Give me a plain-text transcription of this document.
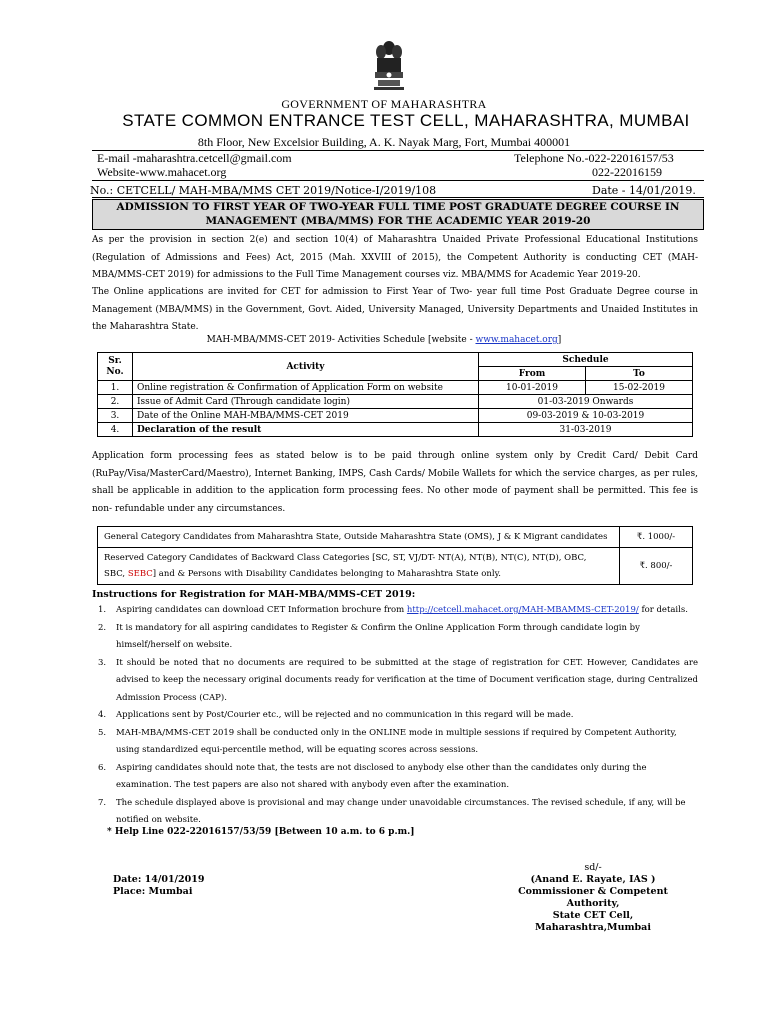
GOVERNMENT OF MAHARASHTRA
STATE COMMON ENTRANCE TEST CELL, MAHARASHTRA, MUMBAI
8th Floor, New Excelsior Building, A. K. Nayak Marg, Fort, Mumbai 400001
E-mail -maharashtra.cetcell@gmail.com
Website-www.mahacet.org
Telephone No.-022-22016157/53
022-22016159
No.: CETCELL/ MAH-MBA/MMS CET 2019/Notice-I/2019/108	Date - 14/01/2019.
ADMISSION TO FIRST YEAR OF TWO-YEAR FULL TIME POST GRADUATE DEGREE COURSE IN
MANAGEMENT (MBA/MMS) FOR THE ACADEMIC YEAR 2019-20
As per the provision in section 2(e) and section 10(4) of Maharashtra Unaided Private Professional Educational Institutions (Regulation of Admissions and Fees) Act, 2015 (Mah. XXVIII of 2015), the Competent Authority is conducting CET (MAH-MBA/MMS-CET 2019) for admissions to the Full Time Management courses viz. MBA/MMS for Academic Year 2019-20.
The Online applications are invited for CET for admission to First Year of Two- year full time Post Graduate Degree course in Management (MBA/MMS) in the Government, Govt. Aided, University Managed, University Departments and Unaided Institutes in the Maharashtra State.
MAH-MBA/MMS-CET 2019- Activities Schedule [website - www.mahacet.org]
Sr. No.	Activity	Schedule	
		From	To
1.	Online registration & Confirmation of Application Form on website	10-01-2019	15-02-2019
2.	Issue of Admit Card (Through candidate login)	01-03-2019 Onwards	
3.	Date of the Online MAH-MBA/MMS-CET 2019	09-03-2019 & 10-03-2019	
4.	Declaration of the result	31-03-2019	
Application form processing fees as stated below is to be paid through online system only by Credit Card/ Debit Card (RuPay/Visa/MasterCard/Maestro), Internet Banking, IMPS, Cash Cards/ Mobile Wallets for which the service charges, as per rules, shall be applicable in addition to the application form processing fees. No other mode of payment shall be permitted. This fee is non- refundable under any circumstances.
General Category Candidates from Maharashtra State, Outside Maharashtra State (OMS), J & K Migrant candidates	₹. 1000/-
Reserved Category Candidates of Backward Class Categories [SC, ST, VJ/DT- NT(A), NT(B), NT(C), NT(D), OBC,
SBC, SEBC] and & Persons with Disability Candidates belonging to Maharashtra State only.	₹. 800/-
Instructions for Registration for MAH-MBA/MMS-CET 2019:

1. Aspiring candidates can download CET Information brochure from http://cetcell.mahacet.org/MAH-MBAMMS-CET-2019/ for details.

2. It is mandatory for all aspiring candidates to Register & Confirm the Online Application Form through candidate login by himself/herself on website.

3. It should be noted that no documents are required to be submitted at the stage of registration for CET. However, Candidates are advised to keep the necessary original documents ready for verification at the time of Document verification stage, during Centralized Admission Process (CAP).

4. Applications sent by Post/Courier etc., will be rejected and no communication in this regard will be made.

5. MAH-MBA/MMS-CET 2019 shall be conducted only in the ONLINE mode in multiple sessions if required by Competent Authority, using standardized equi-percentile method, will be equating scores across sessions.

6. Aspiring candidates should note that, the tests are not disclosed to anybody else other than the candidates only during the examination. The test papers are also not shared with anybody even after the examination.

7. The schedule displayed above is provisional and may change under unavoidable circumstances. The revised schedule, if any, will be notified on website.

* Help Line 022-22016157/53/59 [Between 10 a.m. to 6 p.m.]
sd/-
(Anand E. Rayate, IAS )
Commissioner & Competent Authority,
State CET Cell, Maharashtra,Mumbai
Date: 14/01/2019
Place: Mumbai
